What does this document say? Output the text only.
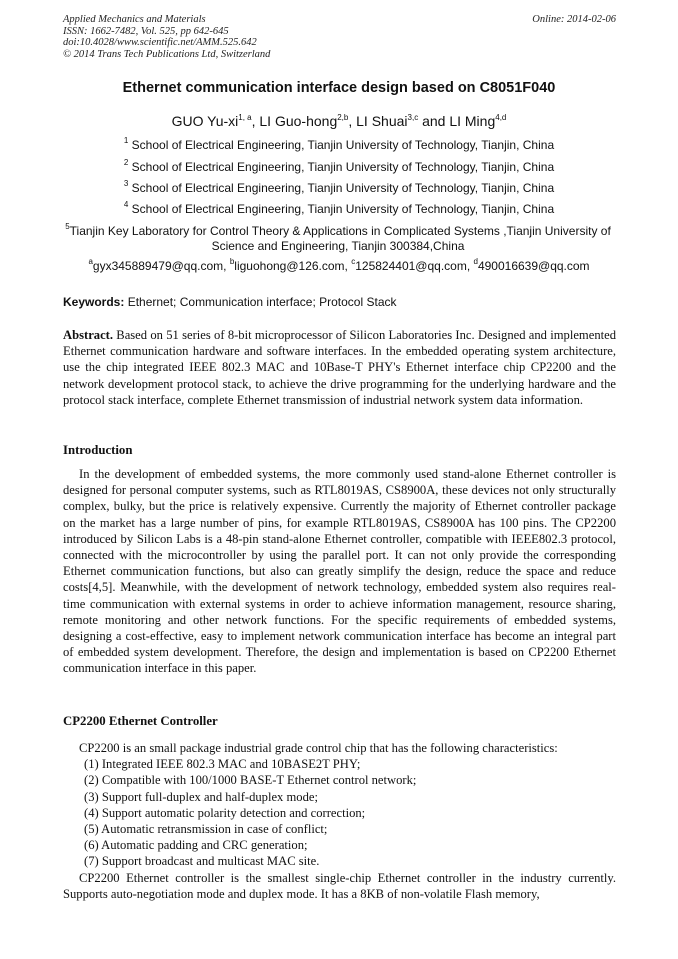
Applied Mechanics and Materials
ISSN: 1662-7482, Vol. 525, pp 642-645
doi:10.4028/www.scientific.net/AMM.525.642
© 2014 Trans Tech Publications Ltd, Switzerland
Online: 2014-02-06
Ethernet communication interface design based on C8051F040
GUO Yu-xi$^{1, a}$, LI Guo-hong$^{2,b}$, LI Shuai$^{3,c}$ and LI Ming$^{4,d}$
$^1$ School of Electrical Engineering, Tianjin University of Technology, Tianjin, China
$^2$ School of Electrical Engineering, Tianjin University of Technology, Tianjin, China
$^3$ School of Electrical Engineering, Tianjin University of Technology, Tianjin, China
$^4$ School of Electrical Engineering, Tianjin University of Technology, Tianjin, China
$^5$Tianjin Key Laboratory for Control Theory & Applications in Complicated Systems ,Tianjin University of Science and Engineering, Tianjin 300384,China
$^a$gyx345889479@qq.com, $^b$liguohong@126.com, $^c$125824401@qq.com, $^d$490016639@qq.com
Keywords: Ethernet; Communication interface; Protocol Stack
Abstract. Based on 51 series of 8-bit microprocessor of Silicon Laboratories Inc. Designed and implemented Ethernet communication hardware and software interfaces. In the embedded operating system architecture, use the chip integrated IEEE 802.3 MAC and 10Base-T PHY's Ethernet interface chip CP2200 and the network development protocol stack, to achieve the drive programming for the underlying hardware and the protocol stack interface, complete Ethernet transmission of industrial network system data information.
Introduction
In the development of embedded systems, the more commonly used stand-alone Ethernet controller is designed for personal computer systems, such as RTL8019AS, CS8900A, these devices not only structurally complex, bulky, but the price is relatively expensive. Currently the majority of Ethernet controller package on the market has a large number of pins, for example RTL8019AS, CS8900A has 100 pins. The CP2200 introduced by Silicon Labs is a 48-pin stand-alone Ethernet controller, compatible with IEEE802.3 protocol, connected with the microcontroller by using the parallel port. It can not only provide the corresponding Ethernet communication functions, but also can greatly simplify the design, reduce the space and reduce costs[4,5]. Meanwhile, with the development of network technology, embedded system also requires real-time communication with external systems in order to achieve information management, resource sharing, remote monitoring and other network functions. For the specific requirements of embedded systems, designing a cost-effective, easy to implement network communication interface has become an integral part of embedded system development. Therefore, the design and implementation is based on CP2200 Ethernet communication interface in this paper.
CP2200 Ethernet Controller
CP2200 is an small package industrial grade control chip that has the following characteristics:
(1) Integrated IEEE 802.3 MAC and 10BASE2T PHY;
(2) Compatible with 100/1000 BASE-T Ethernet control network;
(3) Support full-duplex and half-duplex mode;
(4) Support automatic polarity detection and correction;
(5) Automatic retransmission in case of conflict;
(6) Automatic padding and CRC generation;
(7) Support broadcast and multicast MAC site.
CP2200 Ethernet controller is the smallest single-chip Ethernet controller in the industry currently. Supports auto-negotiation mode and duplex mode. It has a 8KB of non-volatile Flash memory,
